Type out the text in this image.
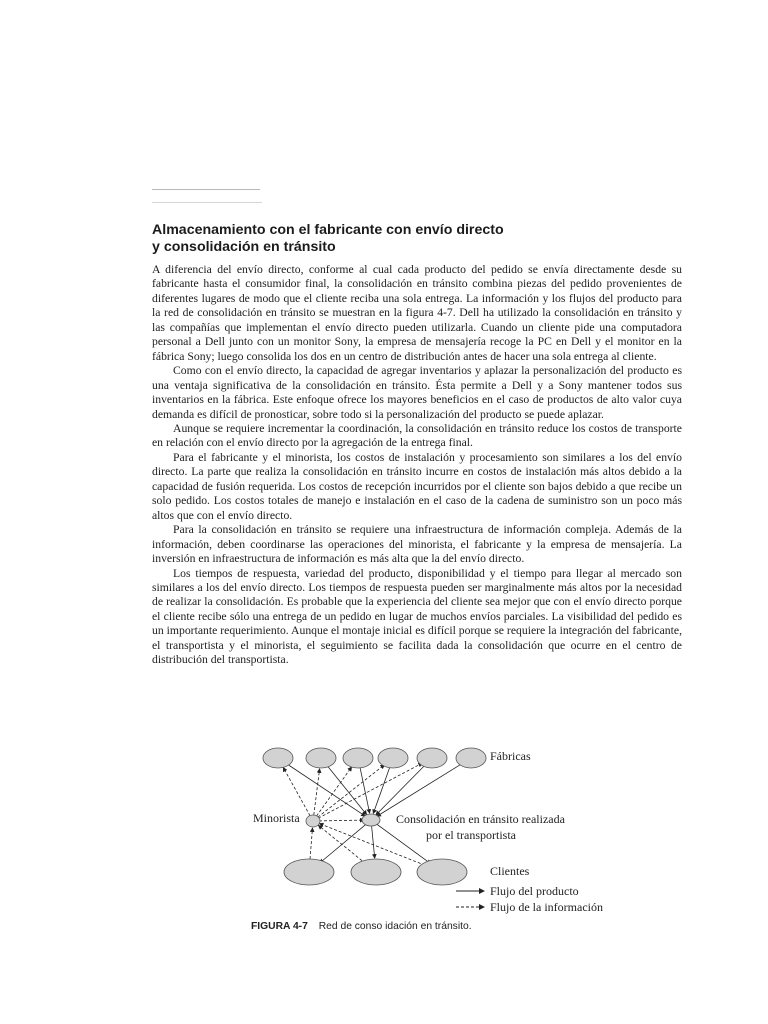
Almacenamiento con el fabricante con envío directo
y consolidación en tránsito

A diferencia del envío directo, conforme al cual cada producto del pedido se envía directamente desde su fabricante hasta el consumidor final, la consolidación en tránsito combina piezas del pedido provenientes de diferentes lugares de modo que el cliente reciba una sola entrega. La información y los flujos del producto para la red de consolidación en tránsito se muestran en la figura 4-7. Dell ha utilizado la consolidación en tránsito y las compañías que implementan el envío directo pueden utilizarla. Cuando un cliente pide una computadora personal a Dell junto con un monitor Sony, la empresa de mensajería recoge la PC en Dell y el monitor en la fábrica Sony; luego consolida los dos en un centro de distribución antes de hacer una sola entrega al cliente.

Como con el envío directo, la capacidad de agregar inventarios y aplazar la personalización del producto es una ventaja significativa de la consolidación en tránsito. Ésta permite a Dell y a Sony mantener todos sus inventarios en la fábrica. Este enfoque ofrece los mayores beneficios en el caso de productos de alto valor cuya demanda es difícil de pronosticar, sobre todo si la personalización del producto se puede aplazar.

Aunque se requiere incrementar la coordinación, la consolidación en tránsito reduce los costos de transporte en relación con el envío directo por la agregación de la entrega final.

Para el fabricante y el minorista, los costos de instalación y procesamiento son similares a los del envío directo. La parte que realiza la consolidación en tránsito incurre en costos de instalación más altos debido a la capacidad de fusión requerida. Los costos de recepción incurridos por el cliente son bajos debido a que recibe un solo pedido. Los costos totales de manejo e instalación en el caso de la cadena de suministro son un poco más altos que con el envío directo.

Para la consolidación en tránsito se requiere una infraestructura de información compleja. Además de la información, deben coordinarse las operaciones del minorista, el fabricante y la empresa de mensajería. La inversión en infraestructura de información es más alta que la del envío directo.

Los tiempos de respuesta, variedad del producto, disponibilidad y el tiempo para llegar al mercado son similares a los del envío directo. Los tiempos de respuesta pueden ser marginalmente más altos por la necesidad de realizar la consolidación. Es probable que la experiencia del cliente sea mejor que con el envío directo porque el cliente recibe sólo una entrega de un pedido en lugar de muchos envíos parciales. La visibilidad del pedido es un importante requerimiento. Aunque el montaje inicial es difícil porque se requiere la integración del fabricante, el transportista y el minorista, el seguimiento se facilita dada la consolidación que ocurre en el centro de distribución del transportista.

Fábricas
Minorista	Consolidación en tránsito realizada
por el transportista
Clientes
Flujo del producto
Flujo de la información
FIGURA 4-7 Red de conso idación en tránsito.
